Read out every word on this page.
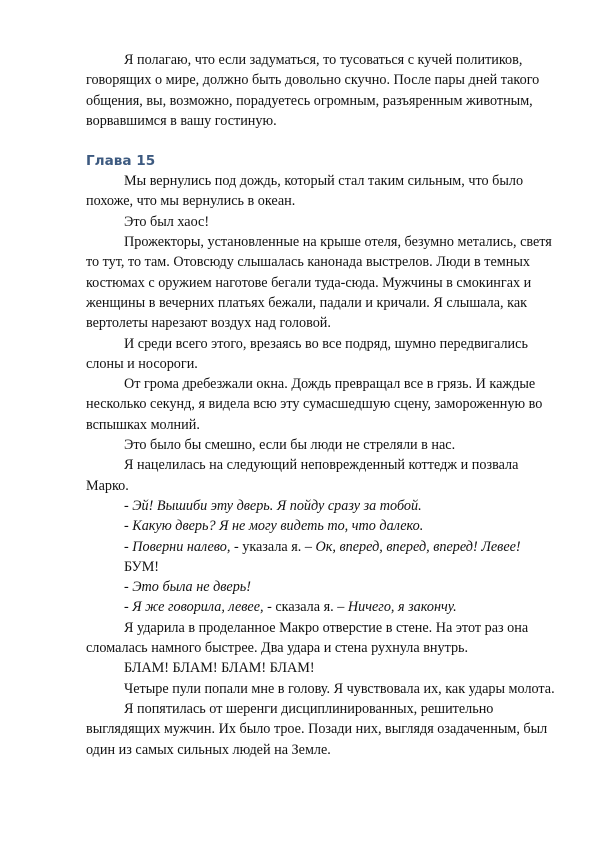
Я полагаю, что если задуматься, то тусоваться с кучей политиков,
говорящих о мире, должно быть довольно скучно. После пары дней такого
общения, вы, возможно, порадуетесь огромным, разъяренным животным,
ворвавшимся в вашу гостиную.
Глава 15
Мы вернулись под дождь, который стал таким сильным, что было
похоже, что мы вернулись в океан.
Это был хаос!
Прожекторы, установленные на крыше отеля, безумно метались, светя
то тут, то там. Отовсюду слышалась канонада выстрелов. Люди в темных
костюмах с оружием наготове бегали туда-сюда. Мужчины в смокингах и
женщины в вечерних платьях бежали, падали и кричали. Я слышала, как
вертолеты нарезают воздух над головой.
И среди всего этого, врезаясь во все подряд, шумно передвигались
слоны и носороги.
От грома дребезжали окна. Дождь превращал все в грязь. И каждые
несколько секунд, я видела всю эту сумасшедшую сцену, замороженную во
вспышках молний.
Это было бы смешно, если бы люди не стреляли в нас.
Я нацелилась на следующий неповрежденный коттедж и позвала
Марко.
- Эй! Вышиби эту дверь. Я пойду сразу за тобой.
- Какую дверь? Я не могу видеть то, что далеко.
- Поверни налево, - указала я. – Ок, вперед, вперед, вперед! Левее!
БУМ!
- Это была не дверь!
- Я же говорила, левее, - сказала я. – Ничего, я закончу.
Я ударила в проделанное Макро отверстие в стене. На этот раз она
сломалась намного быстрее. Два удара и стена рухнула внутрь.
БЛАМ! БЛАМ! БЛАМ! БЛАМ!
Четыре пули попали мне в голову. Я чувствовала их, как удары молота.
Я попятилась от шеренги дисциплинированных, решительно
выглядящих мужчин. Их было трое. Позади них, выглядя озадаченным, был
один из самых сильных людей на Земле.
